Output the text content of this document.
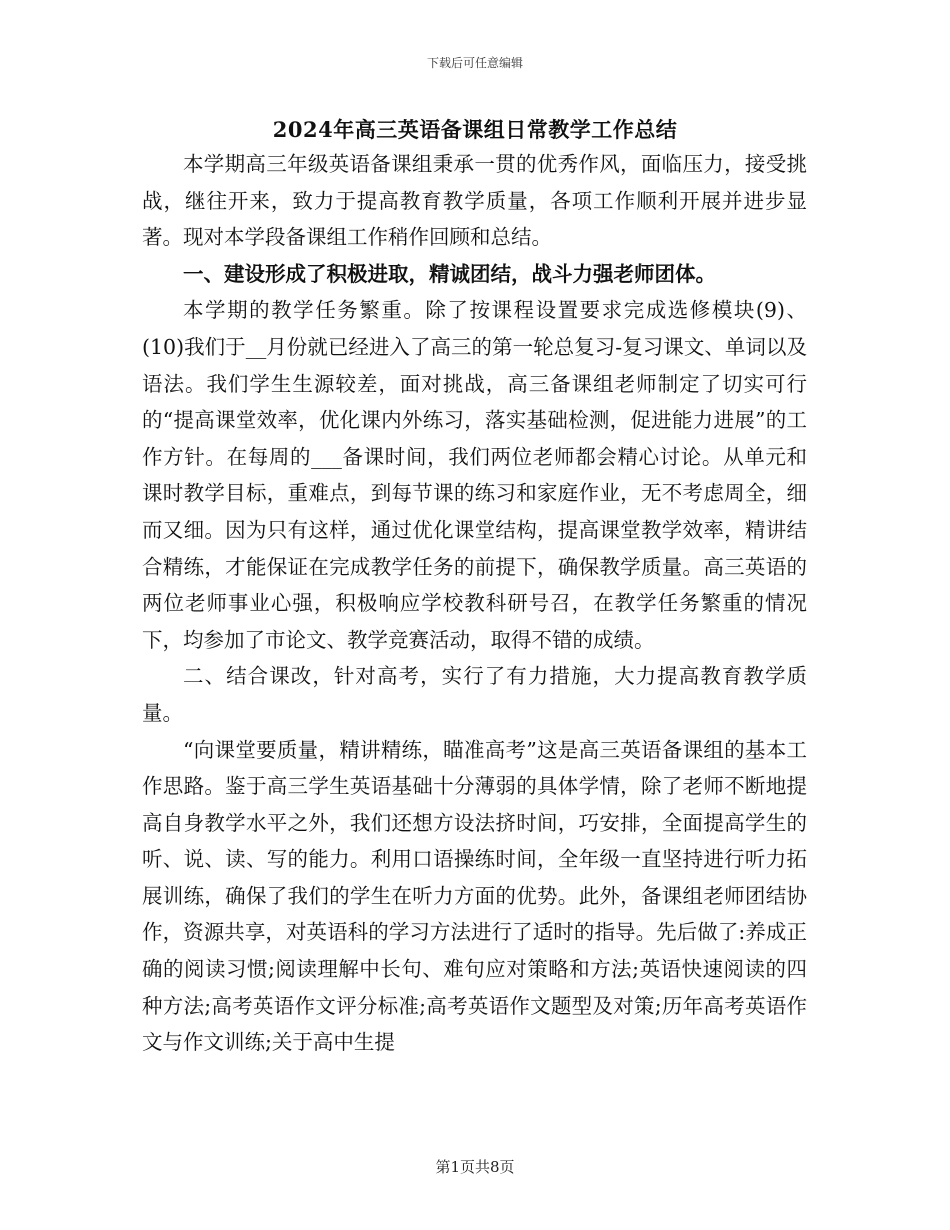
下载后可任意编辑
2024年高三英语备课组日常教学工作总结

本学期高三年级英语备课组秉承一贯的优秀作风，面临压力，接受挑战，继往开来，致力于提高教育教学质量，各项工作顺利开展并进步显著。现对本学段备课组工作稍作回顾和总结。

一、建设形成了积极进取，精诚团结，战斗力强老师团体。

本学期的教学任务繁重。除了按课程设置要求完成选修模块(9)、(10)我们于__月份就已经进入了高三的第一轮总复习-复习课文、单词以及语法。我们学生生源较差，面对挑战，高三备课组老师制定了切实可行的“提高课堂效率，优化课内外练习，落实基础检测，促进能力进展”的工作方针。在每周的___备课时间，我们两位老师都会精心讨论。从单元和课时教学目标，重难点，到每节课的练习和家庭作业，无不考虑周全，细而又细。因为只有这样，通过优化课堂结构，提高课堂教学效率，精讲结合精练，才能保证在完成教学任务的前提下，确保教学质量。高三英语的两位老师事业心强，积极响应学校教科研号召，在教学任务繁重的情况下，均参加了市论文、教学竞赛活动，取得不错的成绩。

二、结合课改，针对高考，实行了有力措施，大力提高教育教学质量。

“向课堂要质量，精讲精练，瞄准高考”这是高三英语备课组的基本工作思路。鉴于高三学生英语基础十分薄弱的具体学情，除了老师不断地提高自身教学水平之外，我们还想方设法挤时间，巧安排，全面提高学生的听、说、读、写的能力。利用口语操练时间，全年级一直坚持进行听力拓展训练，确保了我们的学生在听力方面的优势。此外，备课组老师团结协作，资源共享，对英语科的学习方法进行了适时的指导。先后做了:养成正确的阅读习惯;阅读理解中长句、难句应对策略和方法;英语快速阅读的四种方法;高考英语作文评分标准;高考英语作文题型及对策;历年高考英语作文与作文训练;关于高中生提

第1页共8页
